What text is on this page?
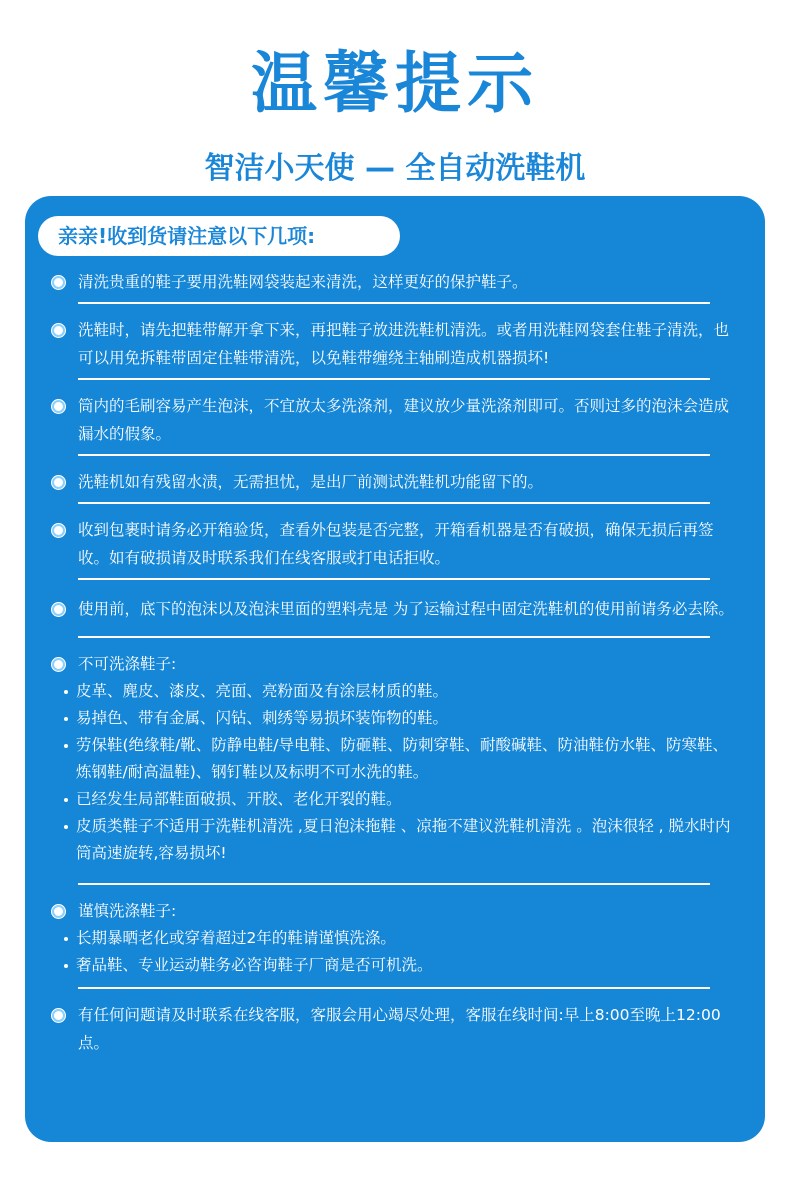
温馨提示
智洁小天使 — 全自动洗鞋机
亲亲!收到货请注意以下几项:
清洗贵重的鞋子要用洗鞋网袋装起来清洗，这样更好的保护鞋子。
洗鞋时，请先把鞋带解开拿下来，再把鞋子放进洗鞋机清洗。或者用洗鞋网袋套住鞋子清洗，也可以用免拆鞋带固定住鞋带清洗，以免鞋带缠绕主轴刷造成机器损坏!
筒内的毛刷容易产生泡沫，不宜放太多洗涤剂，建议放少量洗涤剂即可。否则过多的泡沫会造成漏水的假象。
洗鞋机如有残留水渍，无需担忧，是出厂前测试洗鞋机功能留下的。
收到包裹时请务必开箱验货，查看外包装是否完整，开箱看机器是否有破损，确保无损后再签收。如有破损请及时联系我们在线客服或打电话拒收。
使用前，底下的泡沫以及泡沫里面的塑料壳是 为了运输过程中固定洗鞋机的使用前请务必去除。
不可洗涤鞋子:
皮革、麂皮、漆皮、亮面、亮粉面及有涂层材质的鞋。
易掉色、带有金属、闪钻、刺绣等易损坏装饰物的鞋。
劳保鞋(绝缘鞋/靴、防静电鞋/导电鞋、防砸鞋、防刺穿鞋、耐酸碱鞋、防油鞋仿水鞋、防寒鞋、炼钢鞋/耐高温鞋)、钢钉鞋以及标明不可水洗的鞋。
已经发生局部鞋面破损、开胶、老化开裂的鞋。
皮质类鞋子不适用于洗鞋机清洗 ,夏日泡沫拖鞋 、凉拖不建议洗鞋机清洗 。泡沫很轻 , 脱水时内筒高速旋转,容易损坏!
谨慎洗涤鞋子:
长期暴晒老化或穿着超过2年的鞋请谨慎洗涤。
奢品鞋、专业运动鞋务必咨询鞋子厂商是否可机洗。
有任何问题请及时联系在线客服，客服会用心竭尽处理，客服在线时间:早上8:00至晚上12:00点。
